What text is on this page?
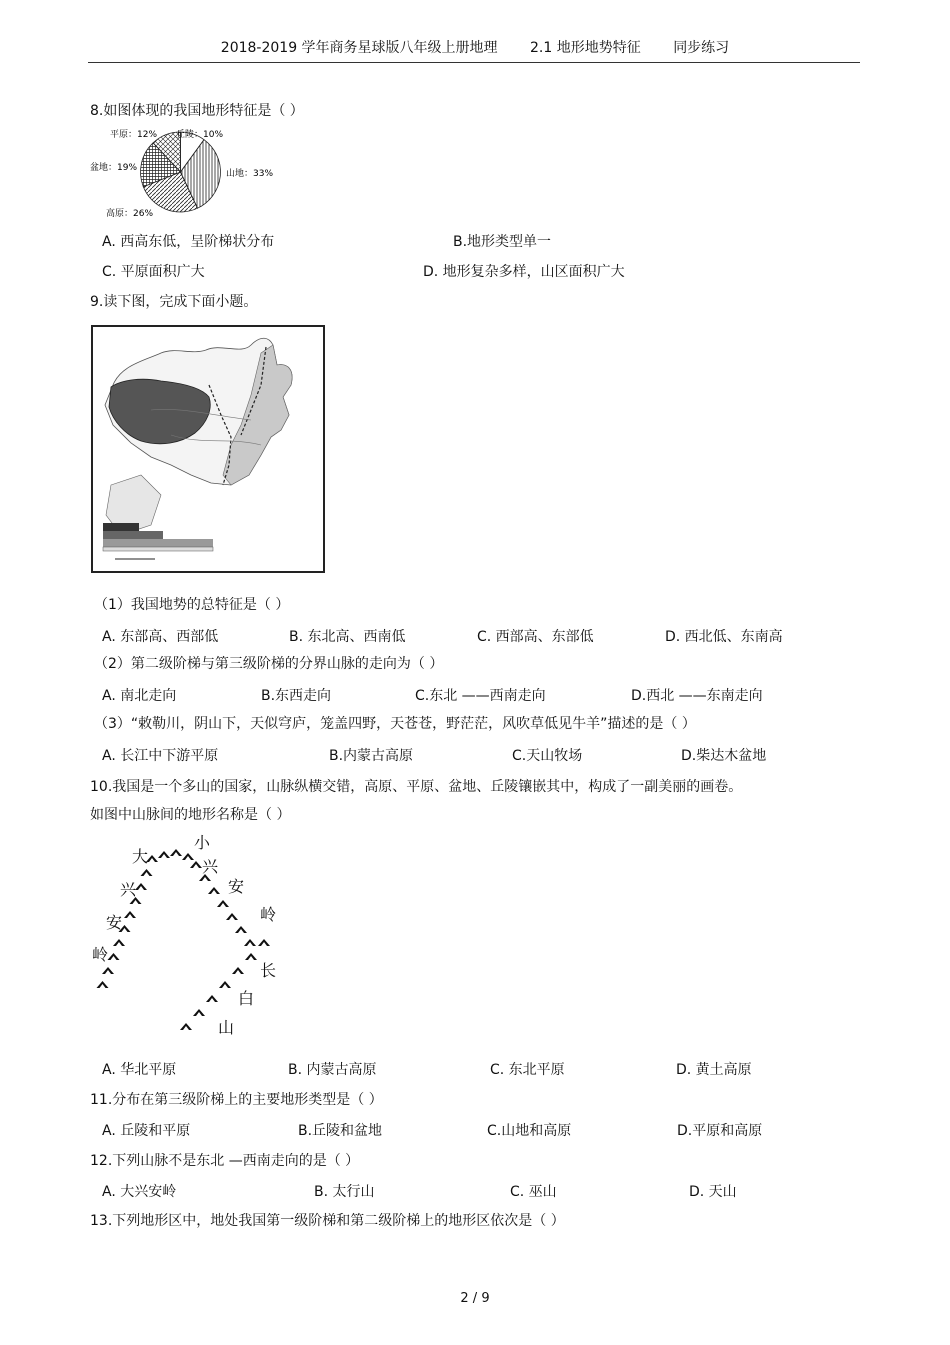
2018-2019 学年商务星球版八年级上册地理 2.1 地形地势特征 同步练习
8.如图体现的我国地形特征是（ ）
平原：12% 丘陵：10%
盆地：19%
山地：33%
高原：26%
A. 西高东低，呈阶梯状分布	B.地形类型单一
C. 平原面积广大	D. 地形复杂多样，山区面积广大
9.读下图，完成下面小题。
（1）我国地势的总特征是（ ）
A. 东部高、西部低	B. 东北高、西南低	C. 西部高、东部低	D. 西北低、东南高
（2）第二级阶梯与第三级阶梯的分界山脉的走向为（ ）
A. 南北走向	B.东西走向	C.东北 ——西南走向	D.西北 ——东南走向
（3）“敕勒川，阴山下，天似穹庐，笼盖四野，天苍苍，野茫茫，风吹草低见牛羊”描述的是（ ）
A. 长江中下游平原	B.内蒙古高原	C.天山牧场	D.柴达木盆地
10.我国是一个多山的国家，山脉纵横交错，高原、平原、盆地、丘陵镶嵌其中，构成了一副美丽的画卷。
如图中山脉间的地形名称是（ ）
大
兴
安
岭
小
兴
安
岭
长
白
山
A. 华北平原	B. 内蒙古高原	C. 东北平原	D. 黄土高原
11.分布在第三级阶梯上的主要地形类型是（ ）
A. 丘陵和平原	B.丘陵和盆地	C.山地和高原	D.平原和高原
12.下列山脉不是东北 —西南走向的是（ ）
A. 大兴安岭	B. 太行山	C. 巫山	D. 天山
13.下列地形区中，地处我国第一级阶梯和第二级阶梯上的地形区依次是（ ）
2 / 9
